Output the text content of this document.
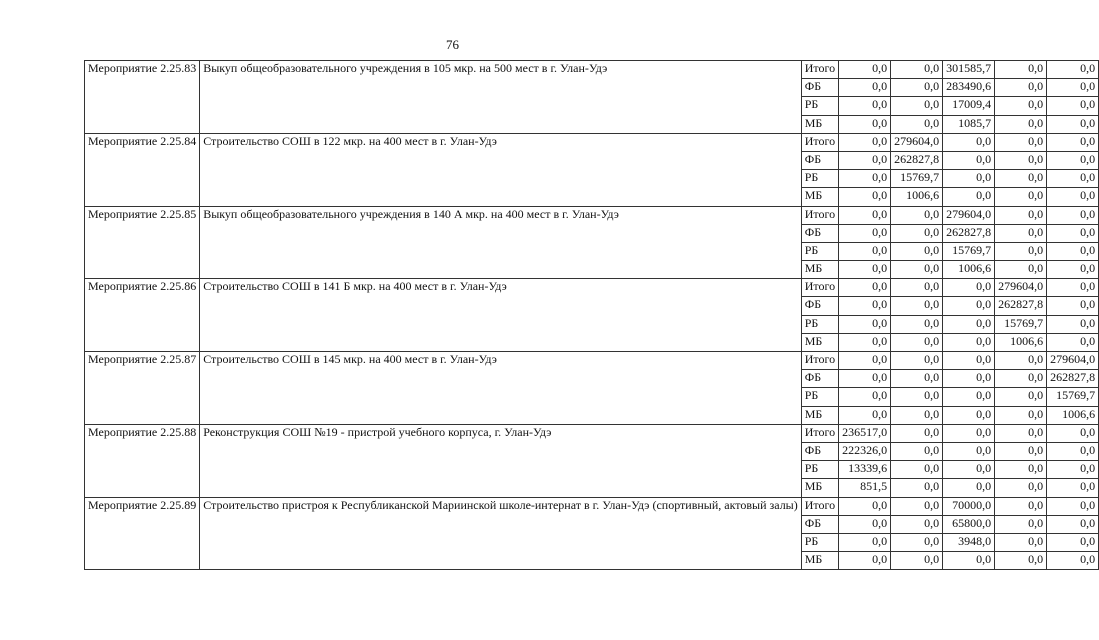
76
Мероприятие 2.25.83	Выкуп общеобразовательного учреждения в 105 мкр. на 500 мест в г. Улан-Удэ	Итого	0,0	0,0	301585,7	0,0	0,0
		ФБ	0,0	0,0	283490,6	0,0	0,0
		РБ	0,0	0,0	17009,4	0,0	0,0
		МБ	0,0	0,0	1085,7	0,0	0,0
Мероприятие 2.25.84	Строительство СОШ в 122 мкр. на 400 мест в г. Улан-Удэ	Итого	0,0	279604,0	0,0	0,0	0,0
		ФБ	0,0	262827,8	0,0	0,0	0,0
		РБ	0,0	15769,7	0,0	0,0	0,0
		МБ	0,0	1006,6	0,0	0,0	0,0
Мероприятие 2.25.85	Выкуп общеобразовательного учреждения в 140 А мкр. на 400 мест в г. Улан-Удэ	Итого	0,0	0,0	279604,0	0,0	0,0
		ФБ	0,0	0,0	262827,8	0,0	0,0
		РБ	0,0	0,0	15769,7	0,0	0,0
		МБ	0,0	0,0	1006,6	0,0	0,0
Мероприятие 2.25.86	Строительство СОШ в 141 Б мкр. на 400 мест в г. Улан-Удэ	Итого	0,0	0,0	0,0	279604,0	0,0
		ФБ	0,0	0,0	0,0	262827,8	0,0
		РБ	0,0	0,0	0,0	15769,7	0,0
		МБ	0,0	0,0	0,0	1006,6	0,0
Мероприятие 2.25.87	Строительство СОШ в 145 мкр. на 400 мест в г. Улан-Удэ	Итого	0,0	0,0	0,0	0,0	279604,0
		ФБ	0,0	0,0	0,0	0,0	262827,8
		РБ	0,0	0,0	0,0	0,0	15769,7
		МБ	0,0	0,0	0,0	0,0	1006,6
Мероприятие 2.25.88	Реконструкция СОШ №19 - пристрой учебного корпуса, г. Улан-Удэ	Итого	236517,0	0,0	0,0	0,0	0,0
		ФБ	222326,0	0,0	0,0	0,0	0,0
		РБ	13339,6	0,0	0,0	0,0	0,0
		МБ	851,5	0,0	0,0	0,0	0,0
Мероприятие 2.25.89	Строительство пристроя к Республиканской Мариинской школе-интернат в г. Улан-Удэ (спортивный, актовый залы)	Итого	0,0	0,0	70000,0	0,0	0,0
		ФБ	0,0	0,0	65800,0	0,0	0,0
		РБ	0,0	0,0	3948,0	0,0	0,0
		МБ	0,0	0,0	0,0	0,0	0,0
